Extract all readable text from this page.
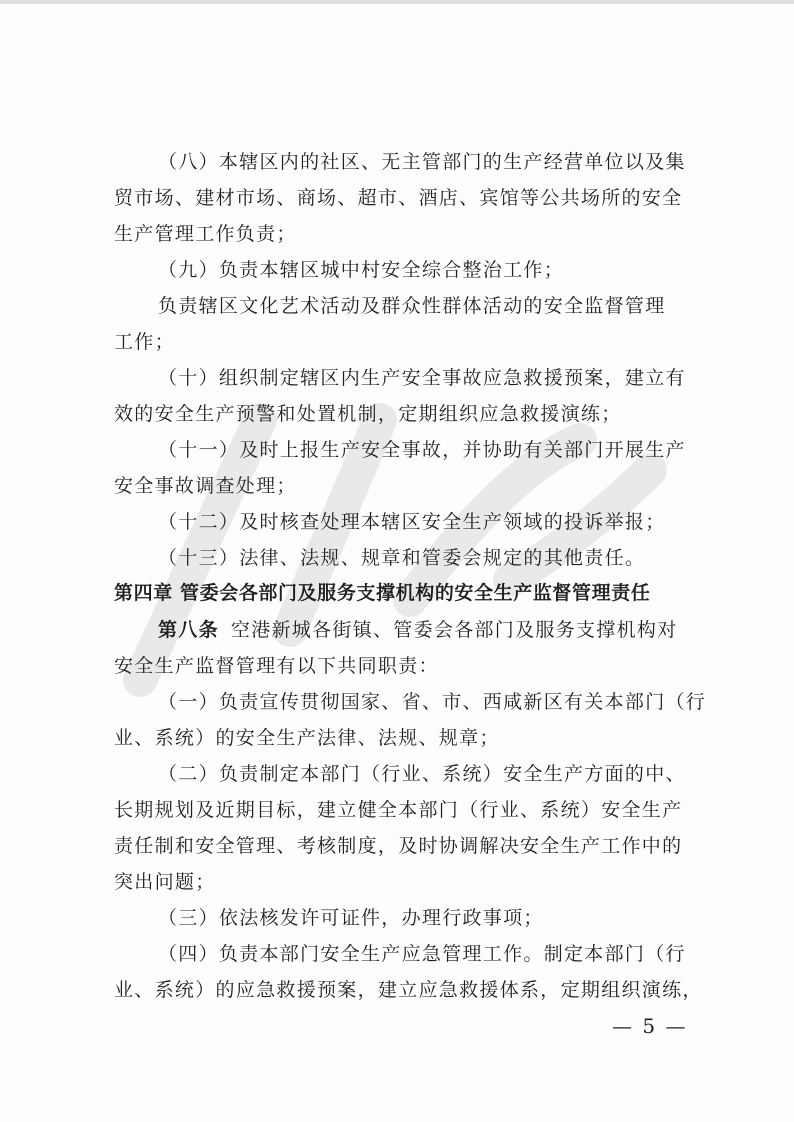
（八）本辖区内的社区、无主管部门的生产经营单位以及集
贸市场、建材市场、商场、超市、酒店、宾馆等公共场所的安全
生产管理工作负责；
（九）负责本辖区城中村安全综合整治工作；
负责辖区文化艺术活动及群众性群体活动的安全监督管理
工作；
（十）组织制定辖区内生产安全事故应急救援预案，建立有
效的安全生产预警和处置机制，定期组织应急救援演练；
（十一）及时上报生产安全事故，并协助有关部门开展生产
安全事故调查处理；
（十二）及时核查处理本辖区安全生产领域的投诉举报；
（十三）法律、法规、规章和管委会规定的其他责任。
第四章 管委会各部门及服务支撑机构的安全生产监督管理责任
第八条 空港新城各街镇、管委会各部门及服务支撑机构对
安全生产监督管理有以下共同职责：
（一）负责宣传贯彻国家、省、市、西咸新区有关本部门（行
业、系统）的安全生产法律、法规、规章；
（二）负责制定本部门（行业、系统）安全生产方面的中、
长期规划及近期目标，建立健全本部门（行业、系统）安全生产
责任制和安全管理、考核制度，及时协调解决安全生产工作中的
突出问题；
（三）依法核发许可证件，办理行政事项；
（四）负责本部门安全生产应急管理工作。制定本部门（行
业、系统）的应急救援预案，建立应急救援体系，定期组织演练，
— 5 —
